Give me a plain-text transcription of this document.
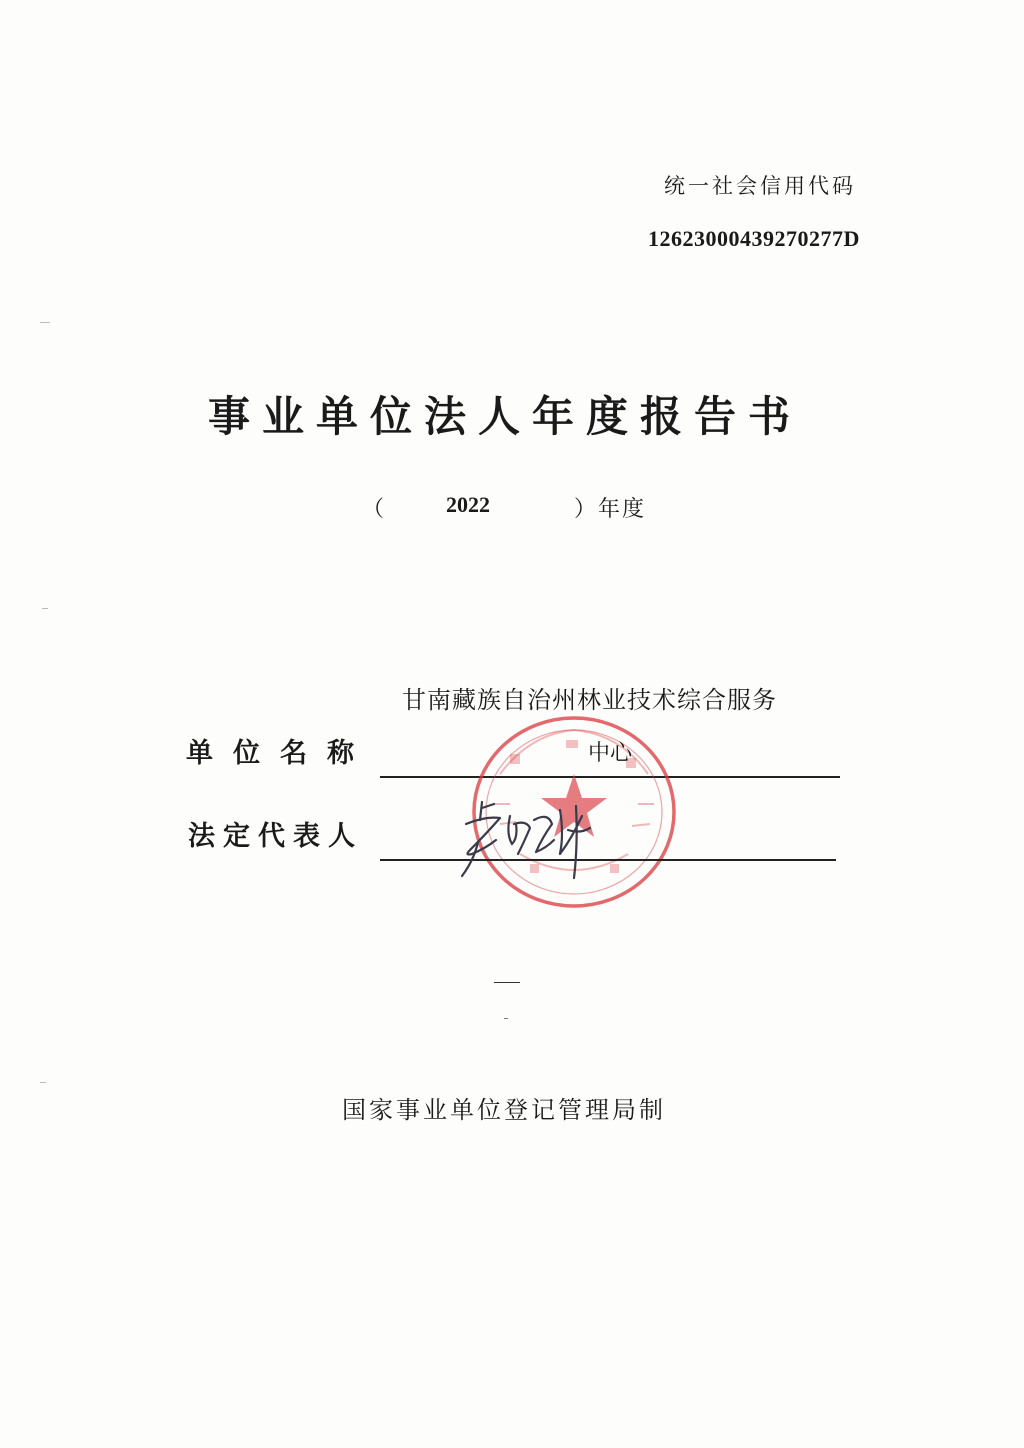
统一社会信用代码
12623000439270277D
事业单位法人年度报告书
（	2022	） 年度
甘南藏族自治州林业技术综合服务
单位名称	中心
法定代表人
国家事业单位登记管理局制
